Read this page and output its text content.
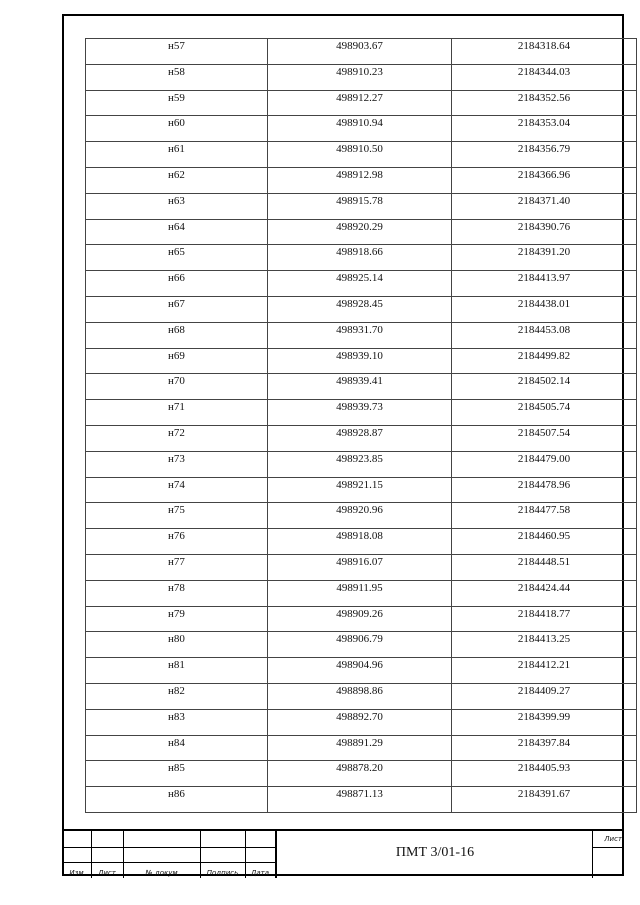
н57	498903.67	2184318.64
н58	498910.23	2184344.03
н59	498912.27	2184352.56
н60	498910.94	2184353.04
н61	498910.50	2184356.79
н62	498912.98	2184366.96
н63	498915.78	2184371.40
н64	498920.29	2184390.76
н65	498918.66	2184391.20
н66	498925.14	2184413.97
н67	498928.45	2184438.01
н68	498931.70	2184453.08
н69	498939.10	2184499.82
н70	498939.41	2184502.14
н71	498939.73	2184505.74
н72	498928.87	2184507.54
н73	498923.85	2184479.00
н74	498921.15	2184478.96
н75	498920.96	2184477.58
н76	498918.08	2184460.95
н77	498916.07	2184448.51
н78	498911.95	2184424.44
н79	498909.26	2184418.77
н80	498906.79	2184413.25
н81	498904.96	2184412.21
н82	498898.86	2184409.27
н83	498892.70	2184399.99
н84	498891.29	2184397.84
н85	498878.20	2184405.93
н86	498871.13	2184391.67
Изм	Лист	№ докум	Подпись	Дата
ПМТ 3/01-16
Лист
